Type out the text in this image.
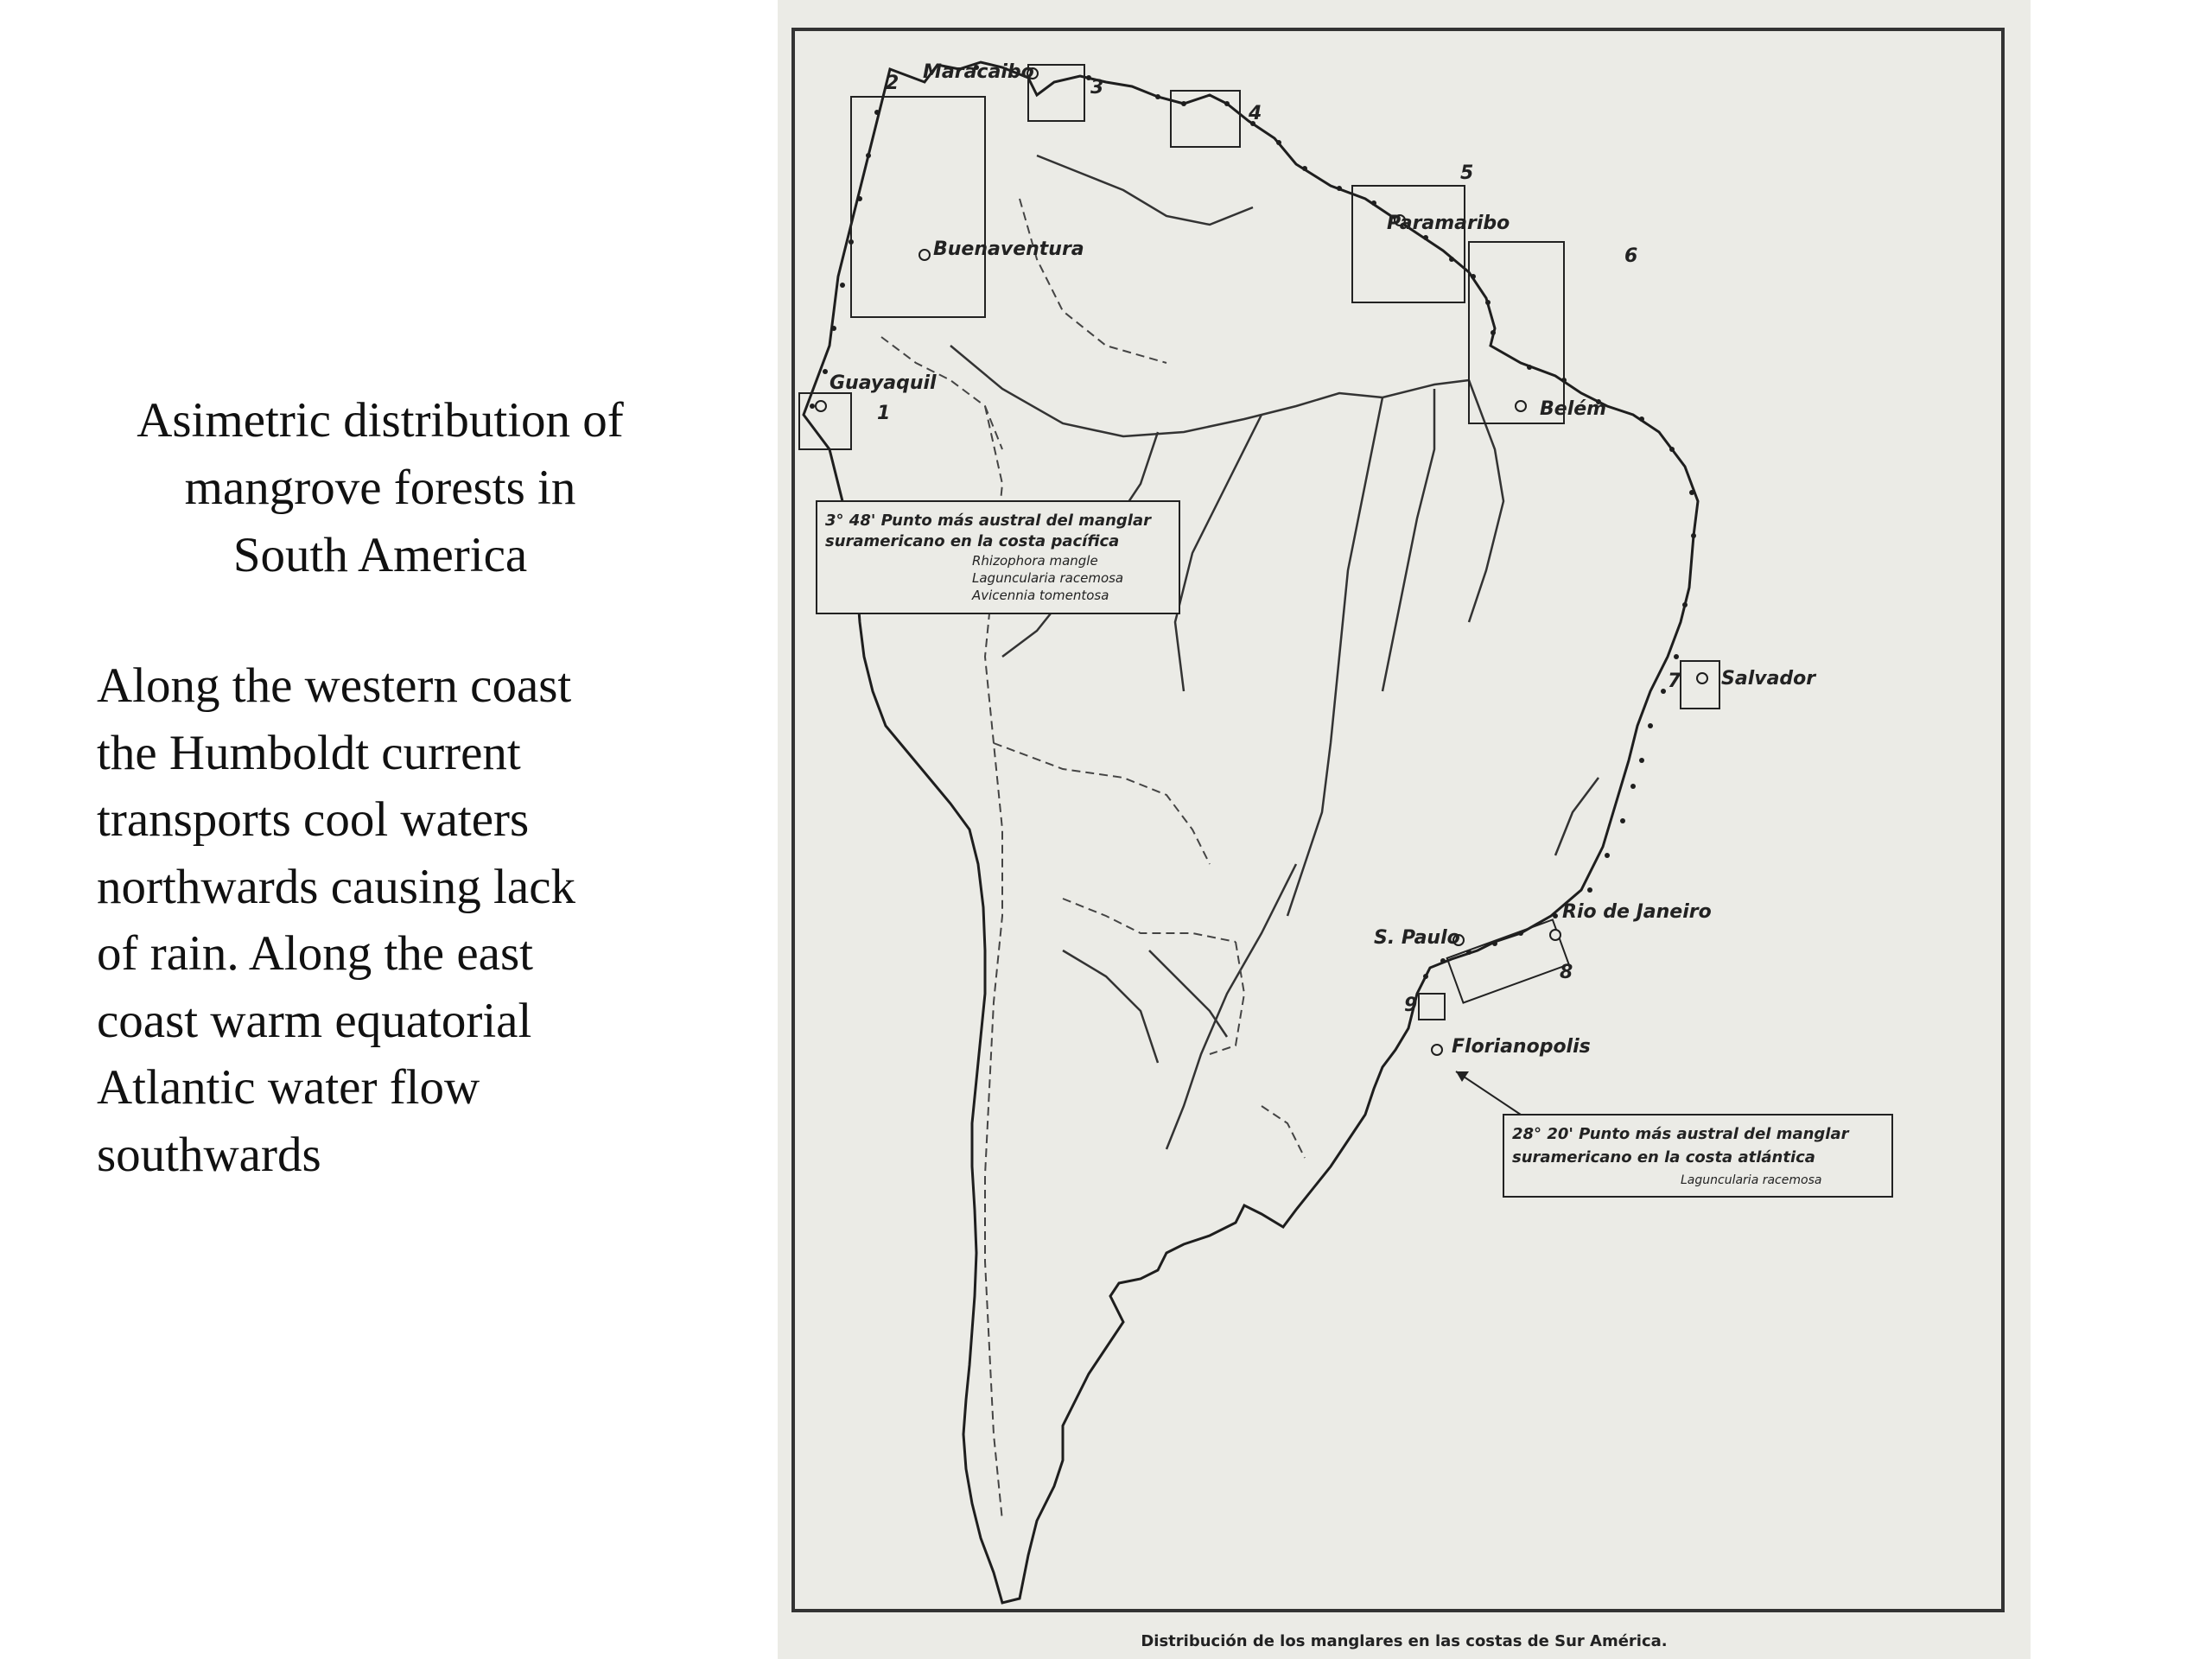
Asimetric distribution of
mangrove forests in
South America
Along the western coast
the Humboldt current
transports cool waters
northwards causing lack
of rain. Along the east
coast warm equatorial
Atlantic water flow
southwards
Maracaibo
Buenaventura
Guayaquil
Paramaribo
Belém
Salvador
Rio de Janeiro
S. Paulo
Florianopolis
1
2	3
4
5
6
7
8
9
3° 48' Punto más austral del manglar
suramericano en la costa pacífica
Rhizophora mangle
Laguncularia racemosa
Avicennia tomentosa
28° 20' Punto más austral del manglar
suramericano en la costa atlántica
Laguncularia racemosa
Distribución de los manglares en las costas de Sur América.
